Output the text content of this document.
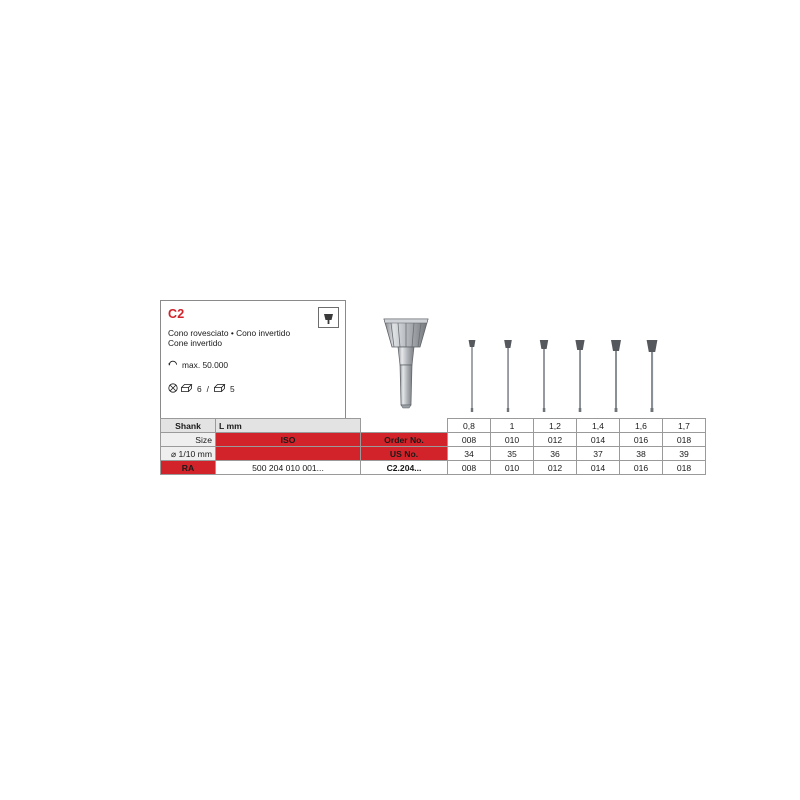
C2
Cono rovesciato • Cono invertido
Cone invertido
max. 50.000
6 /	5
Shank	L mm		0,8	1	1,2	1,4	1,6	1,7
Size	ISO	Order No.	008	010	012	014	016	018
⌀ 1/10 mm		US No.	34	35	36	37	38	39
RA	500 204 010 001...	C2.204...	008	010	012	014	016	018
